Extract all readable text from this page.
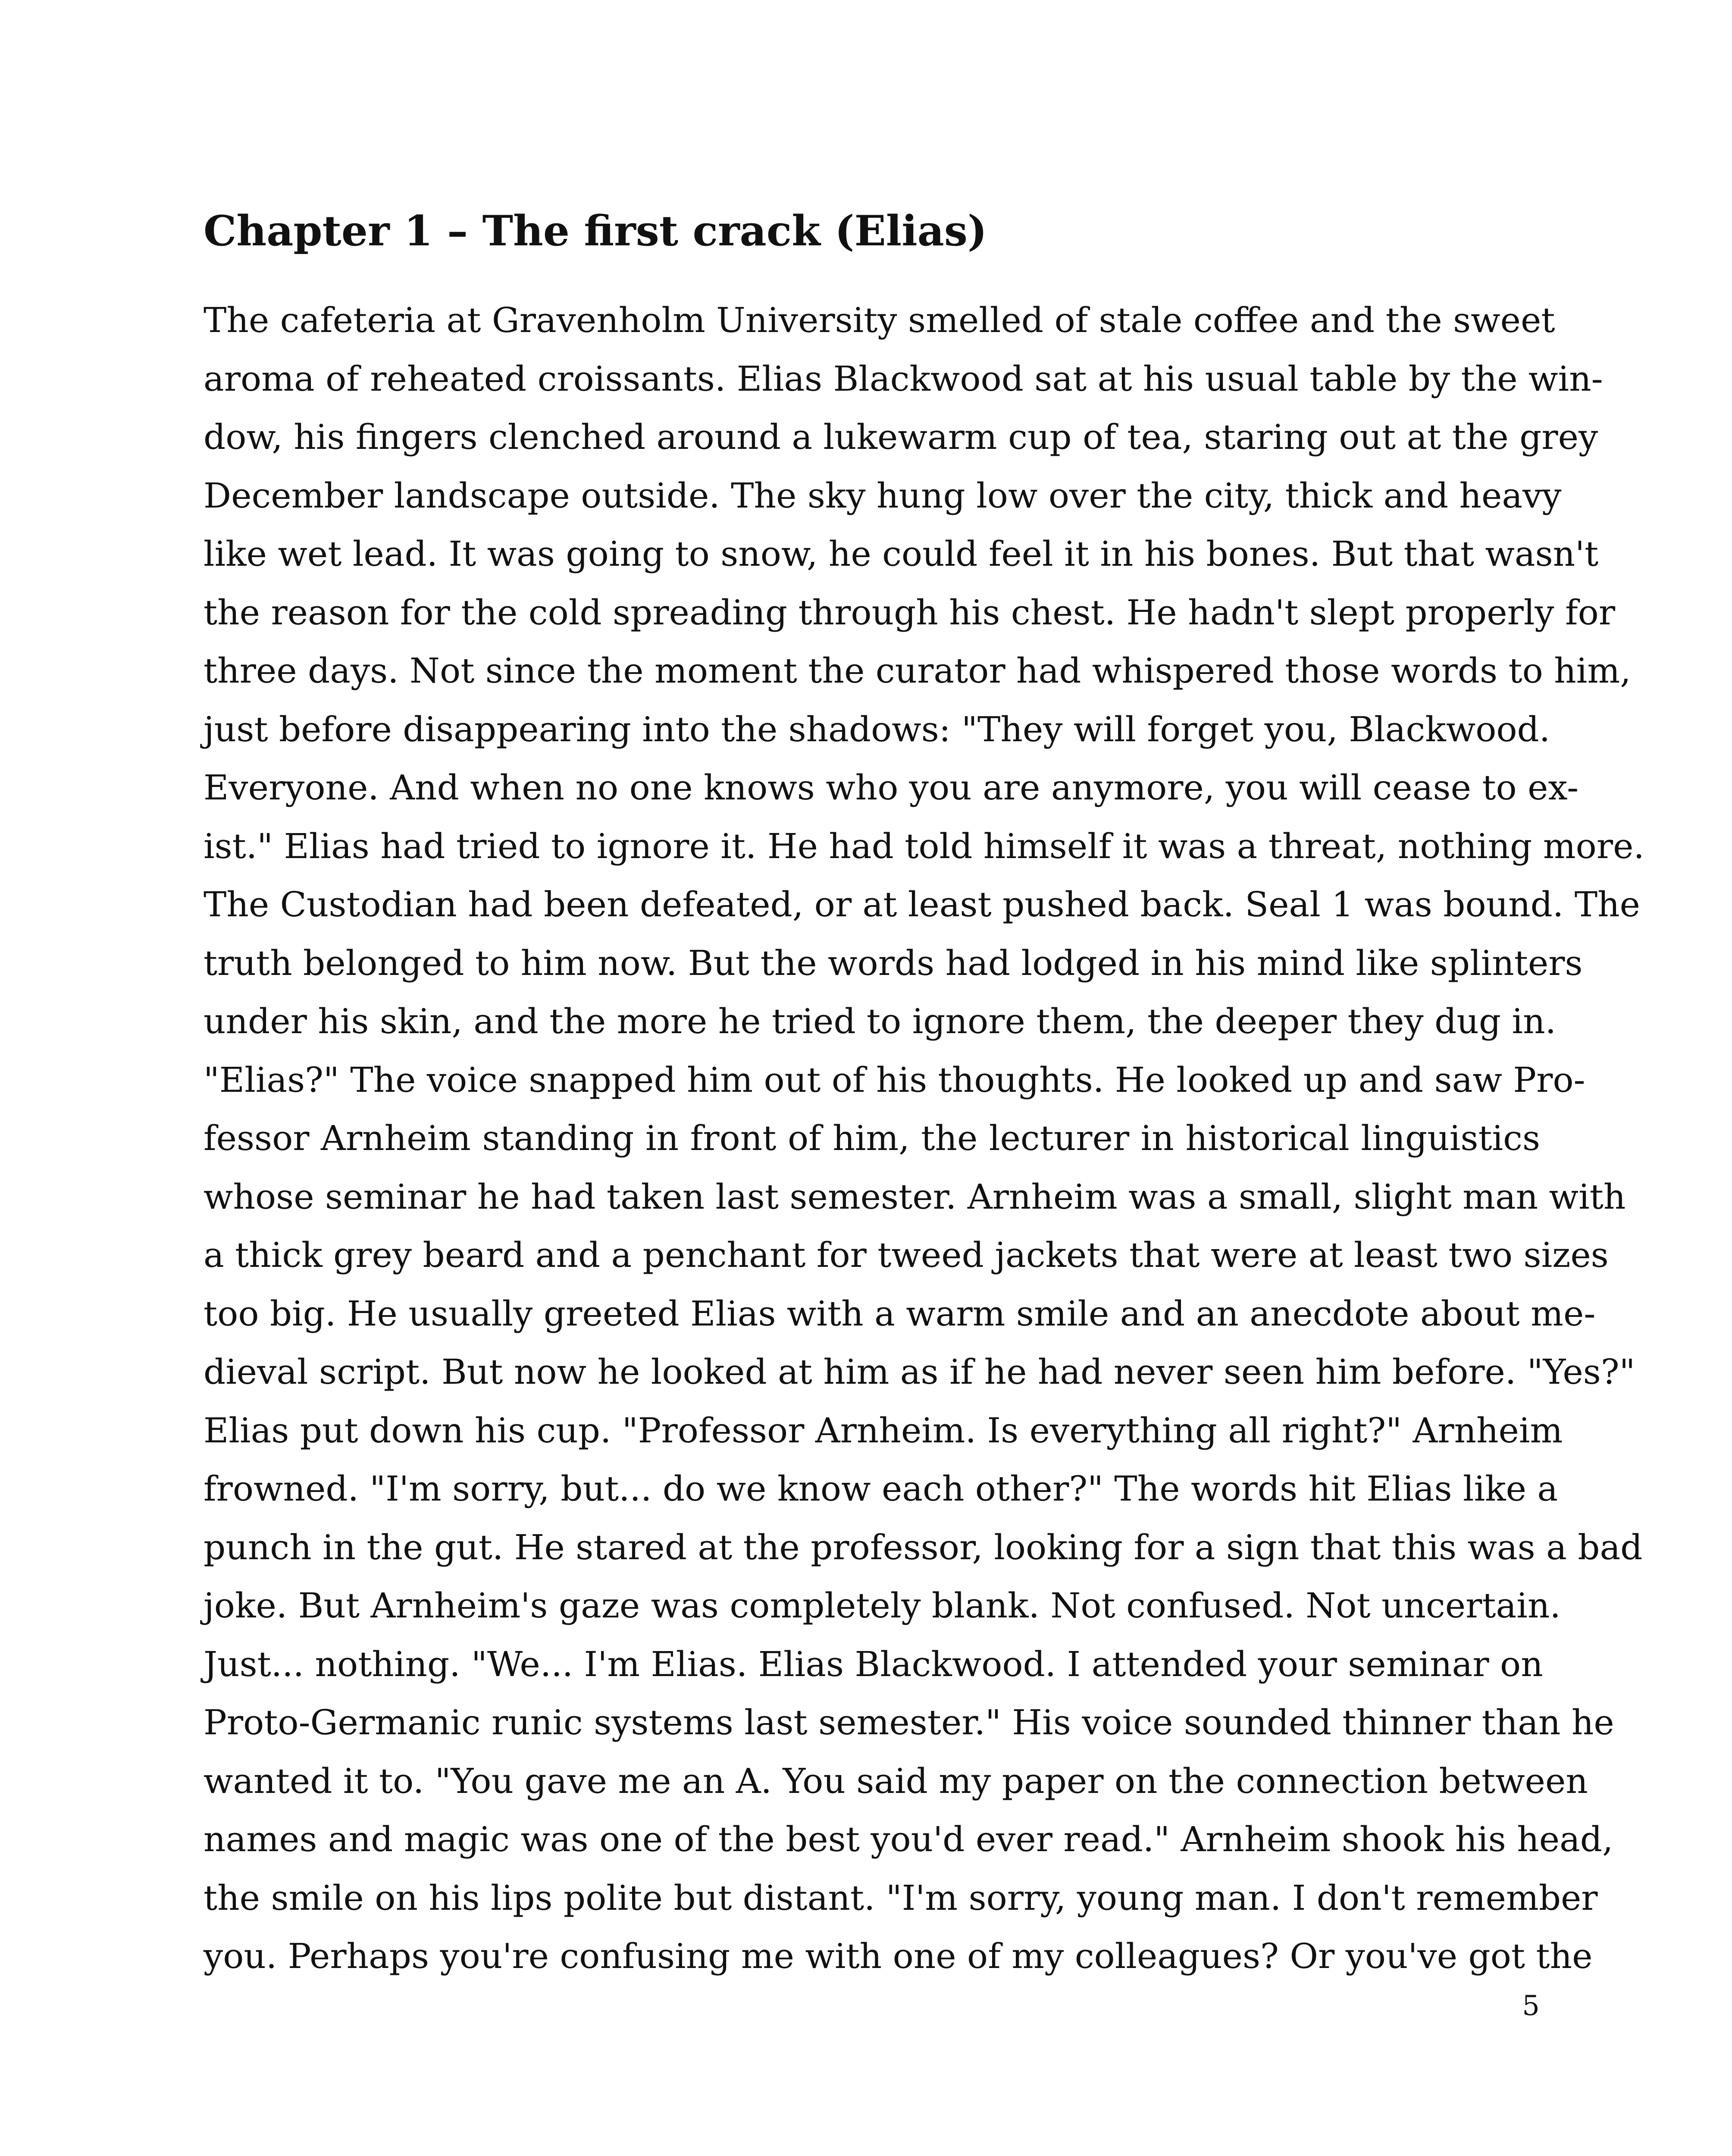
Chapter 1 – The first crack (Elias)
The cafeteria at Gravenholm University smelled of stale coffee and the sweet
aroma of reheated croissants. Elias Blackwood sat at his usual table by the win-
dow, his fingers clenched around a lukewarm cup of tea, staring out at the grey
December landscape outside. The sky hung low over the city, thick and heavy
like wet lead. It was going to snow, he could feel it in his bones. But that wasn't
the reason for the cold spreading through his chest. He hadn't slept properly for
three days. Not since the moment the curator had whispered those words to him,
just before disappearing into the shadows: "They will forget you, Blackwood.
Everyone. And when no one knows who you are anymore, you will cease to ex-
ist." Elias had tried to ignore it. He had told himself it was a threat, nothing more.
The Custodian had been defeated, or at least pushed back. Seal 1 was bound. The
truth belonged to him now. But the words had lodged in his mind like splinters
under his skin, and the more he tried to ignore them, the deeper they dug in.
"Elias?" The voice snapped him out of his thoughts. He looked up and saw Pro-
fessor Arnheim standing in front of him, the lecturer in historical linguistics
whose seminar he had taken last semester. Arnheim was a small, slight man with
a thick grey beard and a penchant for tweed jackets that were at least two sizes
too big. He usually greeted Elias with a warm smile and an anecdote about me-
dieval script. But now he looked at him as if he had never seen him before. "Yes?"
Elias put down his cup. "Professor Arnheim. Is everything all right?" Arnheim
frowned. "I'm sorry, but... do we know each other?" The words hit Elias like a
punch in the gut. He stared at the professor, looking for a sign that this was a bad
joke. But Arnheim's gaze was completely blank. Not confused. Not uncertain.
Just... nothing. "We... I'm Elias. Elias Blackwood. I attended your seminar on
Proto-Germanic runic systems last semester." His voice sounded thinner than he
wanted it to. "You gave me an A. You said my paper on the connection between
names and magic was one of the best you'd ever read." Arnheim shook his head,
the smile on his lips polite but distant. "I'm sorry, young man. I don't remember
you. Perhaps you're confusing me with one of my colleagues? Or you've got the
5
